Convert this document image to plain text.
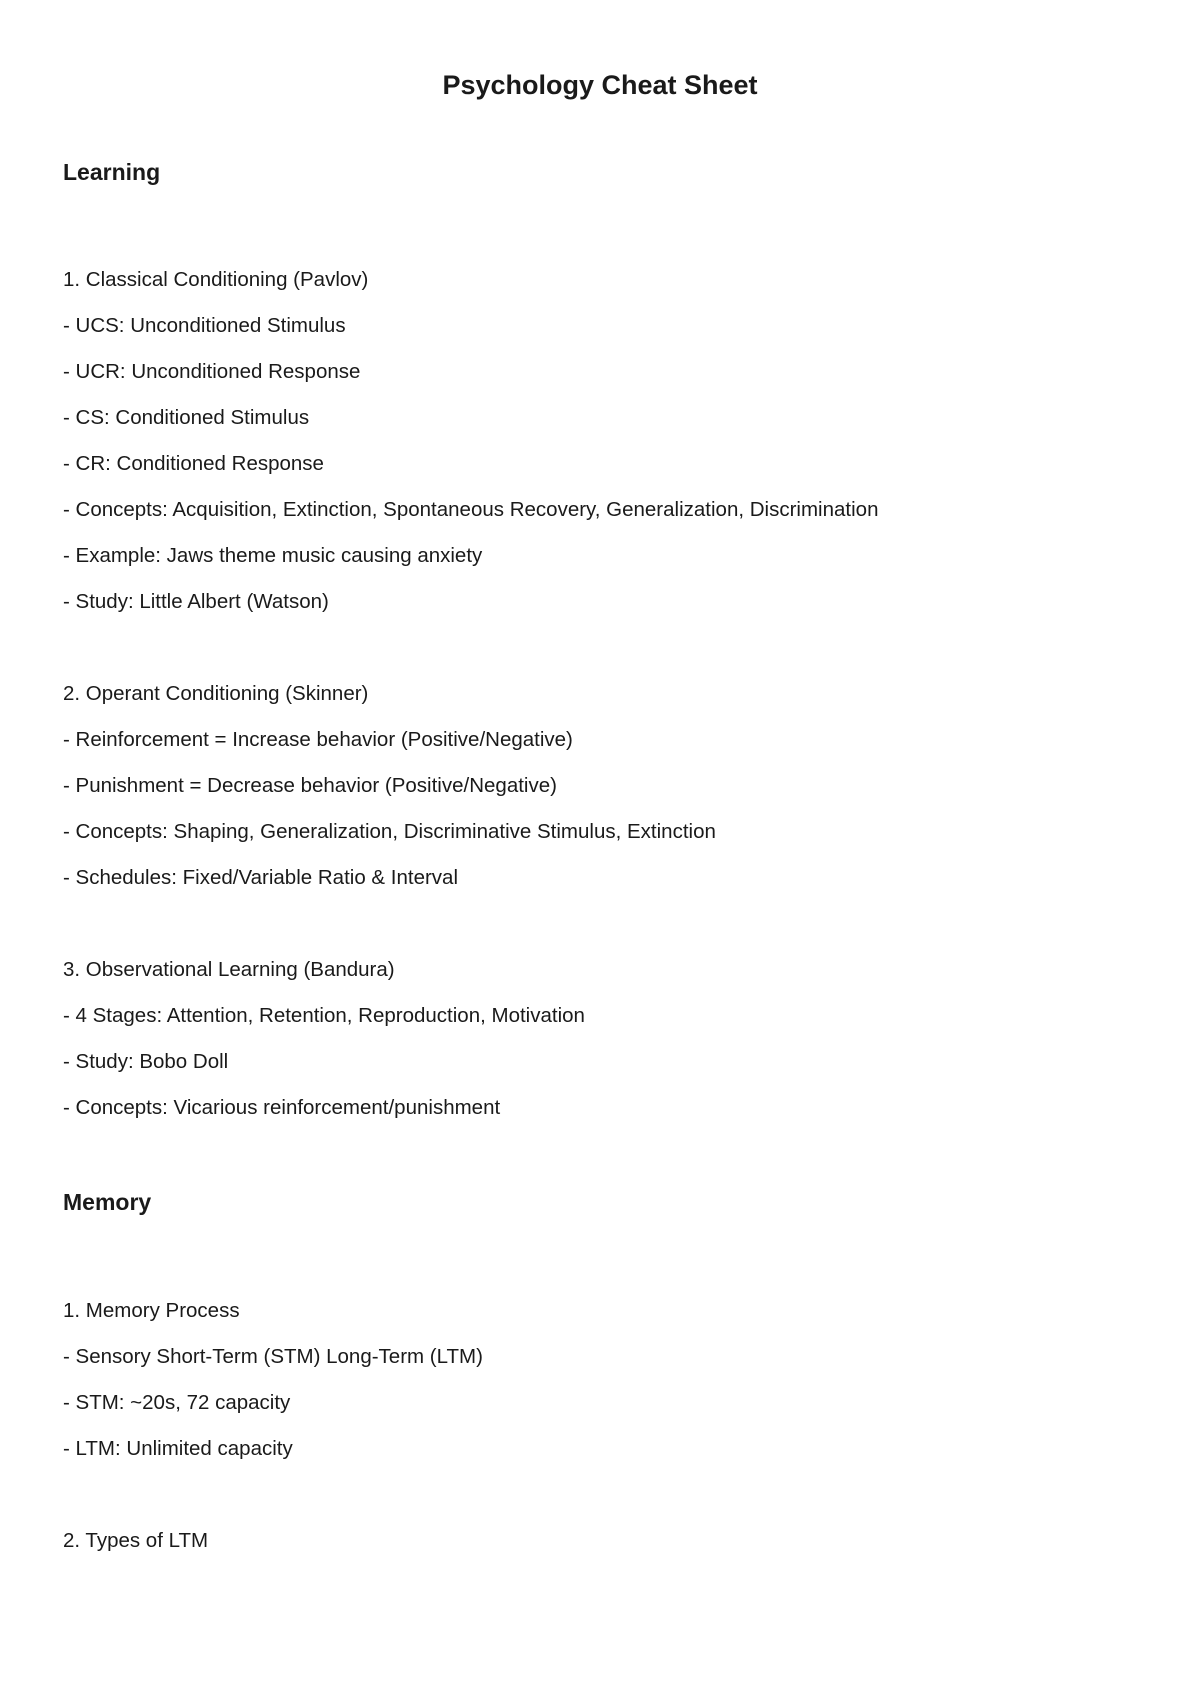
Psychology Cheat Sheet
Learning
1. Classical Conditioning (Pavlov)
- UCS: Unconditioned Stimulus
- UCR: Unconditioned Response
- CS: Conditioned Stimulus
- CR: Conditioned Response
- Concepts: Acquisition, Extinction, Spontaneous Recovery, Generalization, Discrimination
- Example: Jaws theme music causing anxiety
- Study: Little Albert (Watson)
2. Operant Conditioning (Skinner)
- Reinforcement = Increase behavior (Positive/Negative)
- Punishment = Decrease behavior (Positive/Negative)
- Concepts: Shaping, Generalization, Discriminative Stimulus, Extinction
- Schedules: Fixed/Variable Ratio & Interval
3. Observational Learning (Bandura)
- 4 Stages: Attention, Retention, Reproduction, Motivation
- Study: Bobo Doll
- Concepts: Vicarious reinforcement/punishment
Memory
1. Memory Process
- Sensory Short-Term (STM) Long-Term (LTM)
- STM: ~20s, 72 capacity
- LTM: Unlimited capacity
2. Types of LTM
